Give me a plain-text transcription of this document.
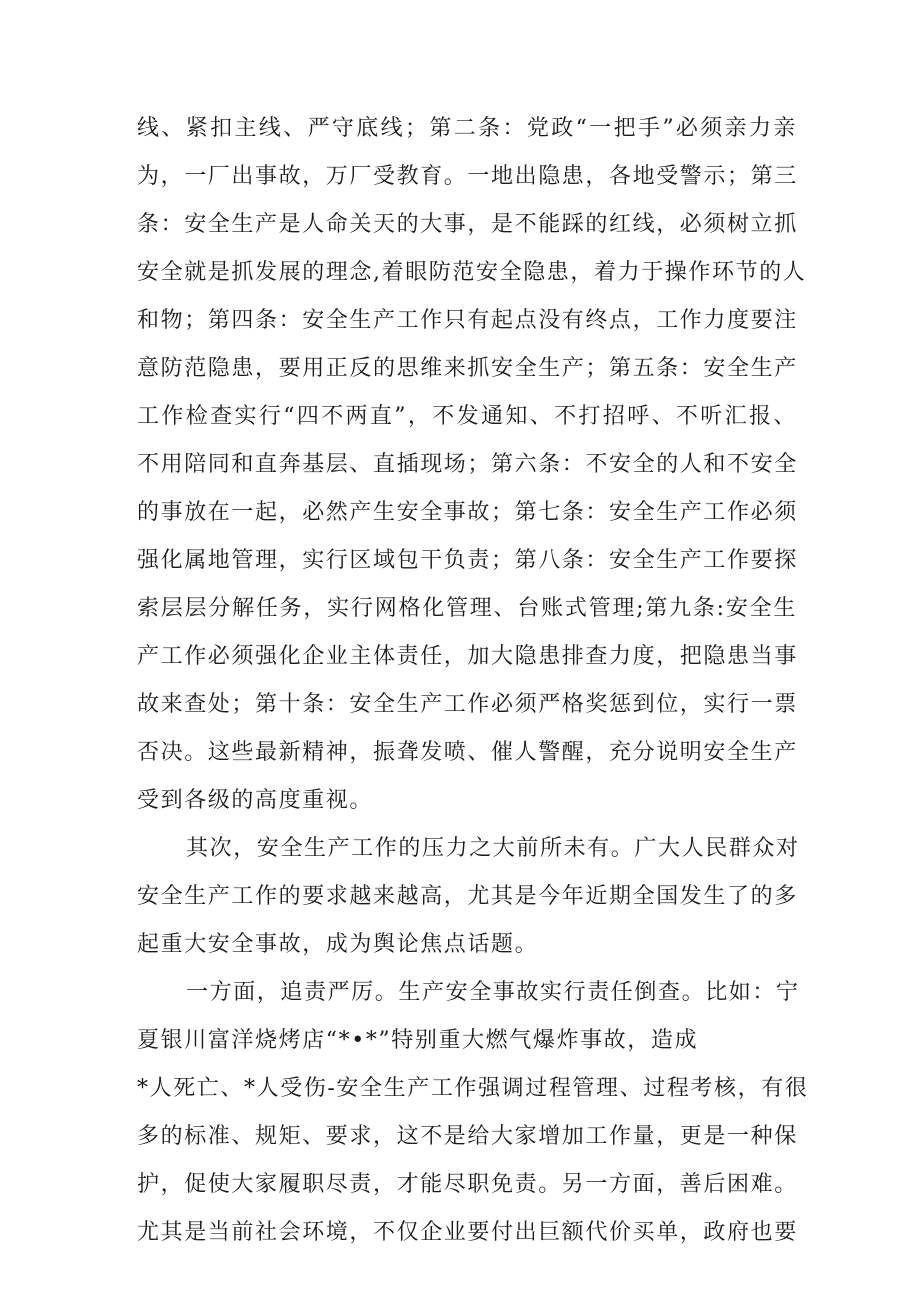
线、紧扣主线、严守底线；第二条：党政“一把手”必须亲力亲
为，一厂出事故，万厂受教育。一地出隐患，各地受警示；第三
条：安全生产是人命关天的大事，是不能踩的红线，必须树立抓
安全就是抓发展的理念,着眼防范安全隐患，着力于操作环节的人
和物；第四条：安全生产工作只有起点没有终点，工作力度要注
意防范隐患，要用正反的思维来抓安全生产；第五条：安全生产
工作检查实行“四不两直”，不发通知、不打招呼、不听汇报、
不用陪同和直奔基层、直插现场；第六条：不安全的人和不安全
的事放在一起，必然产生安全事故；第七条：安全生产工作必须
强化属地管理，实行区域包干负责；第八条：安全生产工作要探
索层层分解任务，实行网格化管理、台账式管理;第九条:安全生
产工作必须强化企业主体责任，加大隐患排查力度，把隐患当事
故来查处；第十条：安全生产工作必须严格奖惩到位，实行一票
否决。这些最新精神，振聋发喷、催人警醒，充分说明安全生产
受到各级的高度重视。
其次，安全生产工作的压力之大前所未有。广大人民群众对
安全生产工作的要求越来越高，尤其是今年近期全国发生了的多
起重大安全事故，成为舆论焦点话题。
一方面，追责严厉。生产安全事故实行责任倒查。比如：宁
夏银川富洋烧烤店“*•*”特别重大燃气爆炸事故，造成
*人死亡、*人受伤-安全生产工作强调过程管理、过程考核，有很
多的标准、规矩、要求，这不是给大家增加工作量，更是一种保
护，促使大家履职尽责，才能尽职免责。另一方面，善后困难。
尤其是当前社会环境，不仅企业要付出巨额代价买单，政府也要
